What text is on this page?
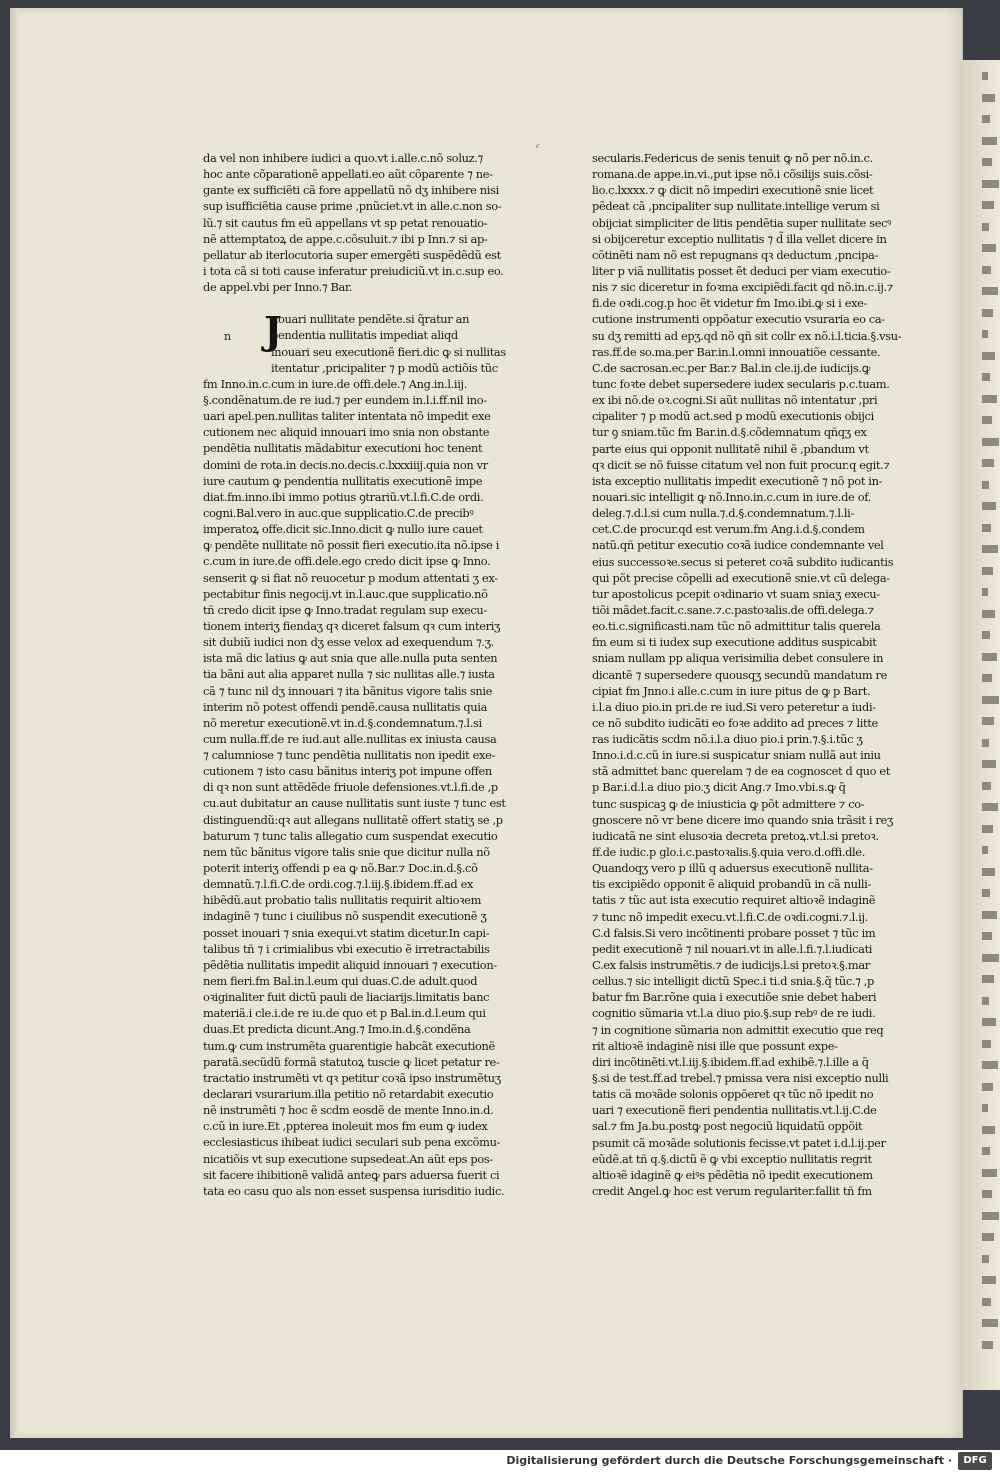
𝒸
da vel non inhibere iudici a quo.vt i.alle.c.nõ soluz.⁊
hoc ante cõparationẽ appellati.eo aũt cõparente ⁊ ne-
gante ex sufficiẽti cã fore appellatũ nõ dʒ inhibere nisi
sup isufficiẽtia cause prime ,pnũciet.vt in alle.c.non so-
lũ.⁊ sit cautus fm eũ appellans vt sp petat renouatio-
nẽ attemptatoꝝ de appe.c.cõsuluit.⁊ ibi p Inn.⁊ si ap-
pellatur ab iterlocutoria super emergẽti suspẽdẽdũ est
i tota cã si toti cause inferatur preiudiciũ.vt in.c.sup eo.
de appel.vbi per Inno.⁊ Bar.
nouari nullitate pendẽte.si q̃ratur an
pendentia nullitatis impediat aliqd
inouari seu executionẽ fieri.dic ꝙ si nullitas
itentatur ,pricipaliter ⁊ p modũ actiõis tũc
fm Inno.in.c.cum in iure.de offi.dele.⁊ Ang.in.l.iij.
§.condẽnatum.de re iud.⁊ per eundem in.l.i.ff.nil ino-
uari apel.pen.nullitas taliter intentata nõ impedit exe
cutionem nec aliquid innouari imo snia non obstante
pendẽtia nullitatis mãdabitur executioni hoc tenent
domini de rota.in decis.no.decis.c.lxxxiiij.quia non vr
iure cautum ꝙ pendentia nullitatis executionẽ impe
diat.fm.inno.ibi immo potius ꝯtrariũ.vt.l.fi.C.de ordi.
cogni.Bal.vero in auc.que supplicatio.C.de precibꝰ
imperatoꝝ offe.dicit sic.Inno.dicit ꝙ nullo iure cauet
ꝙ pendẽte nullitate nõ possit fieri executio.ita nõ.ipse i
c.cum in iure.de offi.dele.ego credo dicit ipse ꝙ Inno.
senserit ꝙ si fiat nõ reuocetur p modum attentati ʒ ex-
pectabitur finis negocij.vt in.l.auc.que supplicatio.nõ
tñ credo dicit ipse ꝙ Inno.tradat regulam sup execu-
tionem interiʒ fiendaʒ qꝛ diceret falsum qꝛ cum interiʒ
sit dubiũ iudici non dʒ esse velox ad exequendum ⁊.ʒ.
ista mã dic latius ꝙ aut snia que alle.nulla puta senten
tia bãni aut alia apparet nulla ⁊ sic nullitas alle.⁊ iusta
cã ⁊ tunc nil dʒ innouari ⁊ ita bãnitus vigore talis snie
interim nõ potest offendi pendẽ.causa nullitatis quia
nõ meretur executionẽ.vt in.d.§.condemnatum.⁊.l.si
cum nulla.ff.de re iud.aut alle.nullitas ex iniusta causa
⁊ calumniose ⁊ tunc pendẽtia nullitatis non ipedit exe-
cutionem ⁊ isto casu bãnitus interiʒ pot impune offen
di qꝛ non sunt attẽdẽde friuole defensiones.vt.l.fi.de ,p
cu.aut dubitatur an cause nullitatis sunt iuste ⁊ tunc est
distinguendũ:qꝛ aut allegans nullitatẽ offert statiʒ se ,p
baturum ⁊ tunc talis allegatio cum suspendat executio
nem tũc bãnitus vigore talis snie que dicitur nulla nõ
poterit interiʒ offendi p ea ꝙ nõ.Bar.⁊ Doc.in.d.§.cõ
demnatũ.⁊.l.fi.C.de ordi.cog.⁊.l.iij.§.ibidem.ff.ad ex
hibẽdũ.aut probatio talis nullitatis requirit altioꝛem
indaginẽ ⁊ tunc i ciuilibus nõ suspendit executionẽ ʒ
posset inouari ⁊ snia exequi.vt statim dicetur.In capi-
talibus tñ ⁊ i crimialibus vbi executio ẽ irretractabilis
pẽdẽtia nullitatis impedit aliquid innouari ⁊ execution-
nem fieri.fm Bal.in.l.eum qui duas.C.de adult.quod
oꝛiginaliter fuit dictũ pauli de liaciarijs.limitatis banc
materiã.i cle.i.de re iu.de quo et p Bal.in.d.l.eum qui
duas.Et predicta dicunt.Ang.⁊ Imo.in.d.§.condẽna
tum.ꝙ cum instrumẽta guarentigie habcãt executionẽ
paratã.secũdũ formã statutoꝝ tuscie ꝙ licet petatur re-
tractatio instrumẽti vt qꝛ petitur coꝛã ipso instrumẽtuʒ
declarari vsurarium.illa petitio nõ retardabit executio
nẽ instrumẽti ⁊ hoc ẽ scdm eosdẽ de mente Inno.in.d.
c.cũ in iure.Et ,ppterea inoleuit mos fm eum ꝙ iudex
ecclesiasticus ihibeat iudici seculari sub pena excõmu-
nicatiõis vt sup executione supsedeat.An aũt eps pos-
sit facere ihibitionẽ validã anteꝙ pars aduersa fuerit ci
tata eo casu quo als non esset suspensa iurisditio iudic.
J
n
secularis.Federicus de senis tenuit ꝙ nõ per nõ.in.c.
romana.de appe.in.vi.,put ipse nõ.i cõsilijs suis.cõsi-
lio.c.lxxxx.⁊ ꝙ dicit nõ impediri executionẽ snie licet
pẽdeat cã ,pncipaliter sup nullitate.intellige verum si
obijciat simpliciter de litis pendẽtia super nullitate secꝰ
si obijceretur exceptio nullitatis ⁊ d̃ illa vellet dicere in
cõtinẽti nam nõ est repugnans qꝛ deductum ,pncipa-
liter p viã nullitatis posset ẽt deduci per viam executio-
nis ⁊ sic diceretur in foꝛma excipiẽdi.facit qd nõ.in.c.ij.⁊
fi.de oꝛdi.cog.p hoc ẽt videtur fm Imo.ibi.ꝙ si i exe-
cutione instrumenti oppõatur executio vsuraria eo ca-
su dʒ remitti ad epʒ.qd nõ qñ sit collr ex nõ.i.l.ticia.§.vsu-
ras.ff.de so.ma.per Bar.in.l.omni innouatiõe cessante.
C.de sacrosan.ec.per Bar.⁊ Bal.in cle.ij.de iudicijs.ꝙ
tunc foꝛte debet supersedere iudex secularis p.c.tuam.
ex ibi nõ.de oꝛ.cogni.Si aũt nullitas nõ intentatur ,pri
cipaliter ⁊ p modũ act.sed p modũ executionis obijci
tur ꝯ sniam.tũc fm Bar.in.d.§.cõdemnatum qñqʒ ex
parte eius qui opponit nullitatẽ nihil ẽ ,pbandum vt
qꝛ dicit se nõ fuisse citatum vel non fuit procur.q egit.⁊
ista exceptio nullitatis impedit executionẽ ⁊ nõ pot in-
nouari.sic intelligit ꝙ nõ.Inno.in.c.cum in iure.de of.
deleg.⁊.d.l.si cum nulla.⁊.d.§.condemnatum.⁊.l.li-
cet.C.de procur.qd est verum.fm Ang.i.d.§.condem
natũ.qñ petitur executio coꝛã iudice condemnante vel
eius successoꝛe.secus si peteret coꝛã subdito iudicantis
qui põt precise cõpelli ad executionẽ snie.vt cũ delega-
tur apostolicus pcepit oꝛdinario vt suam sniaʒ execu-
tiõi mãdet.facit.c.sane.⁊.c.pastoꝛalis.de offi.delega.⁊
eo.ti.c.significasti.nam tũc nõ admittitur talis querela
fm eum si ti iudex sup executione additus suspicabit
sniam nullam pp aliqua verisimilia debet consulere in
dicantẽ ⁊ supersedere quousqʒ secundũ mandatum re
cipiat fm Jnno.i alle.c.cum in iure pitus de ꝙ p Bart.
i.l.a diuo pio.in pri.de re iud.Si vero peteretur a iudi-
ce nõ subdito iudicãti eo foꝛe addito ad preces ⁊ litte
ras iudicãtis scdm nõ.i.l.a diuo pio.i prin.⁊.§.i.tũc ʒ
Inno.i.d.c.cũ in iure.si suspicatur sniam nullã aut iniu
stã admittet banc querelam ⁊ de ea cognoscet d quo et
p Bar.i.d.l.a diuo pio.ʒ dicit Ang.⁊ Imo.vbi.s.ꝙ q̃
tunc suspicaꝫ ꝙ de iniusticia ꝙ põt admittere ⁊ co-
gnoscere nõ vr bene dicere imo quando snia trãsit i reʒ
iudicatã ne sint elusoꝛia decreta pretoꝝ.vt.l.si pretoꝛ.
ff.de iudic.p glo.i.c.pastoꝛalis.§.quia vero.d.offi.dle.
Quandoqʒ vero p illũ q aduersus executionẽ nullita-
tis excipiẽdo opponit ẽ aliquid probandũ in cã nulli-
tatis ⁊ tũc aut ista executio requiret altioꝛẽ indaginẽ
⁊ tunc nõ impedit execu.vt.l.fi.C.de oꝛdi.cogni.⁊.l.ij.
C.d falsis.Si vero incõtinenti probare posset ⁊ tũc im
pedit executionẽ ⁊ nil nouari.vt in alle.l.fi.⁊.l.iudicati
C.ex falsis instrumẽtis.⁊ de iudicijs.l.si pretoꝛ.§.mar
cellus.⁊ sic intelligit dictũ Spec.i ti.d snia.§.q̃ tũc.⁊ ,p
batur fm Bar.rõne quia i executiõe snie debet haberi
cognitio sũmaria vt.l.a diuo pio.§.sup rebꝰ de re iudi.
⁊ in cognitione sũmaria non admittit executio que req
rit altioꝛẽ indaginẽ nisi ille que possunt expe-
diri incõtinẽti.vt.l.iij.§.ibidem.ff.ad exhibẽ.⁊.l.ille a q̃
§.si de test.ff.ad trebel.⁊ pmissa vera nisi exceptio nulli
tatis cã moꝛãde solonis oppõeret qꝛ tũc nõ ipedit no
uari ⁊ executionẽ fieri pendentia nullitatis.vt.l.ij.C.de
sal.⁊ fm Ja.bu.postꝙ post negociũ liquidatũ oppõit
psumit cã moꝛãde solutionis fecisse.vt patet i.d.l.ij.per
eũdẽ.at tñ q.§.dictũ ẽ ꝙ vbi exceptio nullitatis regrit
altioꝛẽ idaginẽ ꝙ eiꝰs pẽdẽtia nõ ipedit executionem
credit Angel.ꝙ hoc est verum regulariter.fallit tñ fm
Digitalisierung gefördert durch die Deutsche Forschungsgemeinschaft ·	DFG
